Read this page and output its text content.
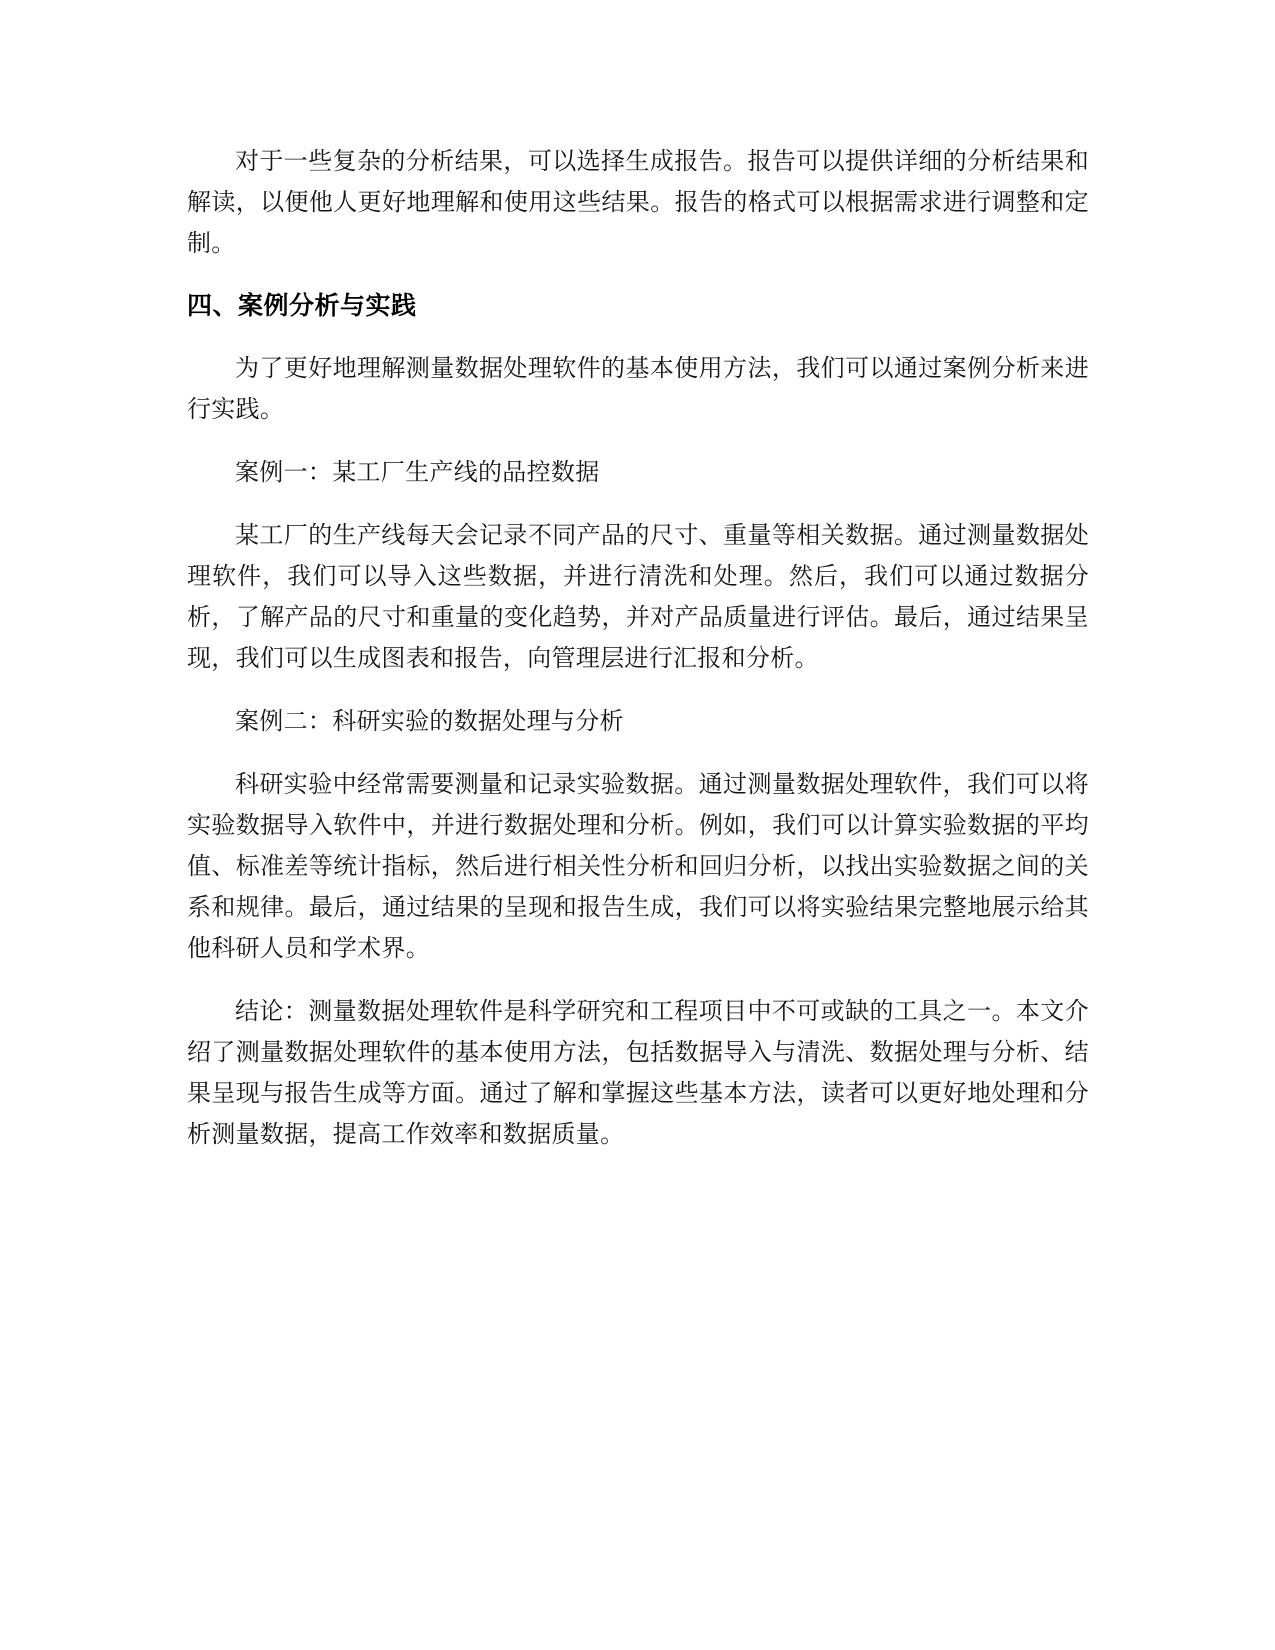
对于一些复杂的分析结果，可以选择生成报告。报告可以提供详细的分析结果和解读，以便他人更好地理解和使用这些结果。报告的格式可以根据需求进行调整和定制。

四、案例分析与实践

为了更好地理解测量数据处理软件的基本使用方法，我们可以通过案例分析来进行实践。

案例一：某工厂生产线的品控数据

某工厂的生产线每天会记录不同产品的尺寸、重量等相关数据。通过测量数据处理软件，我们可以导入这些数据，并进行清洗和处理。然后，我们可以通过数据分析，了解产品的尺寸和重量的变化趋势，并对产品质量进行评估。最后，通过结果呈现，我们可以生成图表和报告，向管理层进行汇报和分析。

案例二：科研实验的数据处理与分析

科研实验中经常需要测量和记录实验数据。通过测量数据处理软件，我们可以将实验数据导入软件中，并进行数据处理和分析。例如，我们可以计算实验数据的平均值、标准差等统计指标，然后进行相关性分析和回归分析，以找出实验数据之间的关系和规律。最后，通过结果的呈现和报告生成，我们可以将实验结果完整地展示给其他科研人员和学术界。

结论：测量数据处理软件是科学研究和工程项目中不可或缺的工具之一。本文介绍了测量数据处理软件的基本使用方法，包括数据导入与清洗、数据处理与分析、结果呈现与报告生成等方面。通过了解和掌握这些基本方法，读者可以更好地处理和分析测量数据，提高工作效率和数据质量。
